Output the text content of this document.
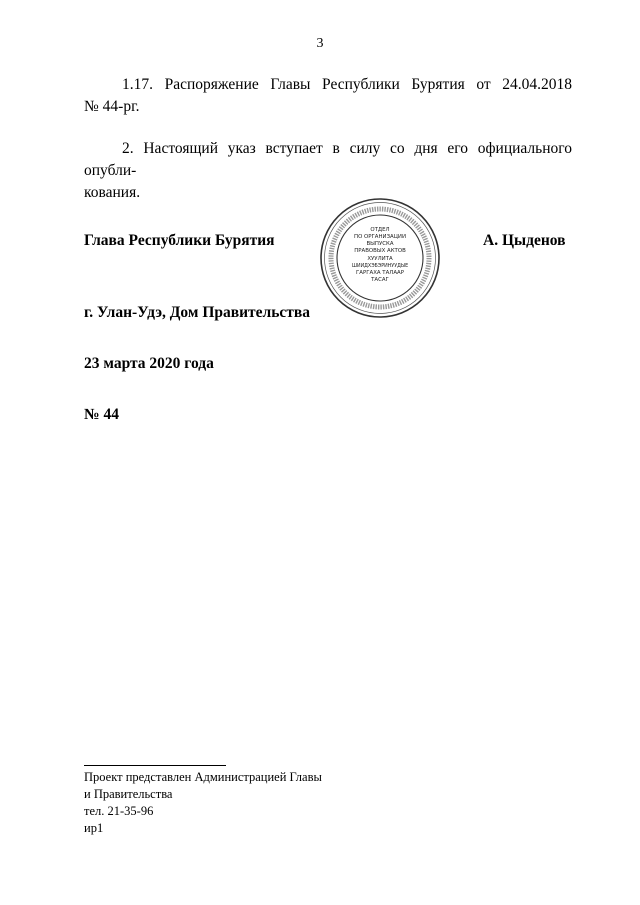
3

1.17. Распоряжение Главы Республики Бурятия от 24.04.2018
№ 44-рг.

2. Настоящий указ вступает в силу со дня его официального опубли-
кования.

Глава Республики Бурятия	А. Цыденов
ОТДЕЛ
ПО ОРГАНИЗАЦИИ
ВЫПУСКА
ПРАВОВЫХ АКТОВ
ХУУЛИТА
ШИИДХЭБЭРИНУУДЫЕ
ГАРГАХА ТАЛААР
ТАСАГ
г. Улан-Удэ, Дом Правительства
23 марта 2020 года
№ 44
Проект представлен Администрацией Главы
и Правительства
тел. 21-35-96
ир1
